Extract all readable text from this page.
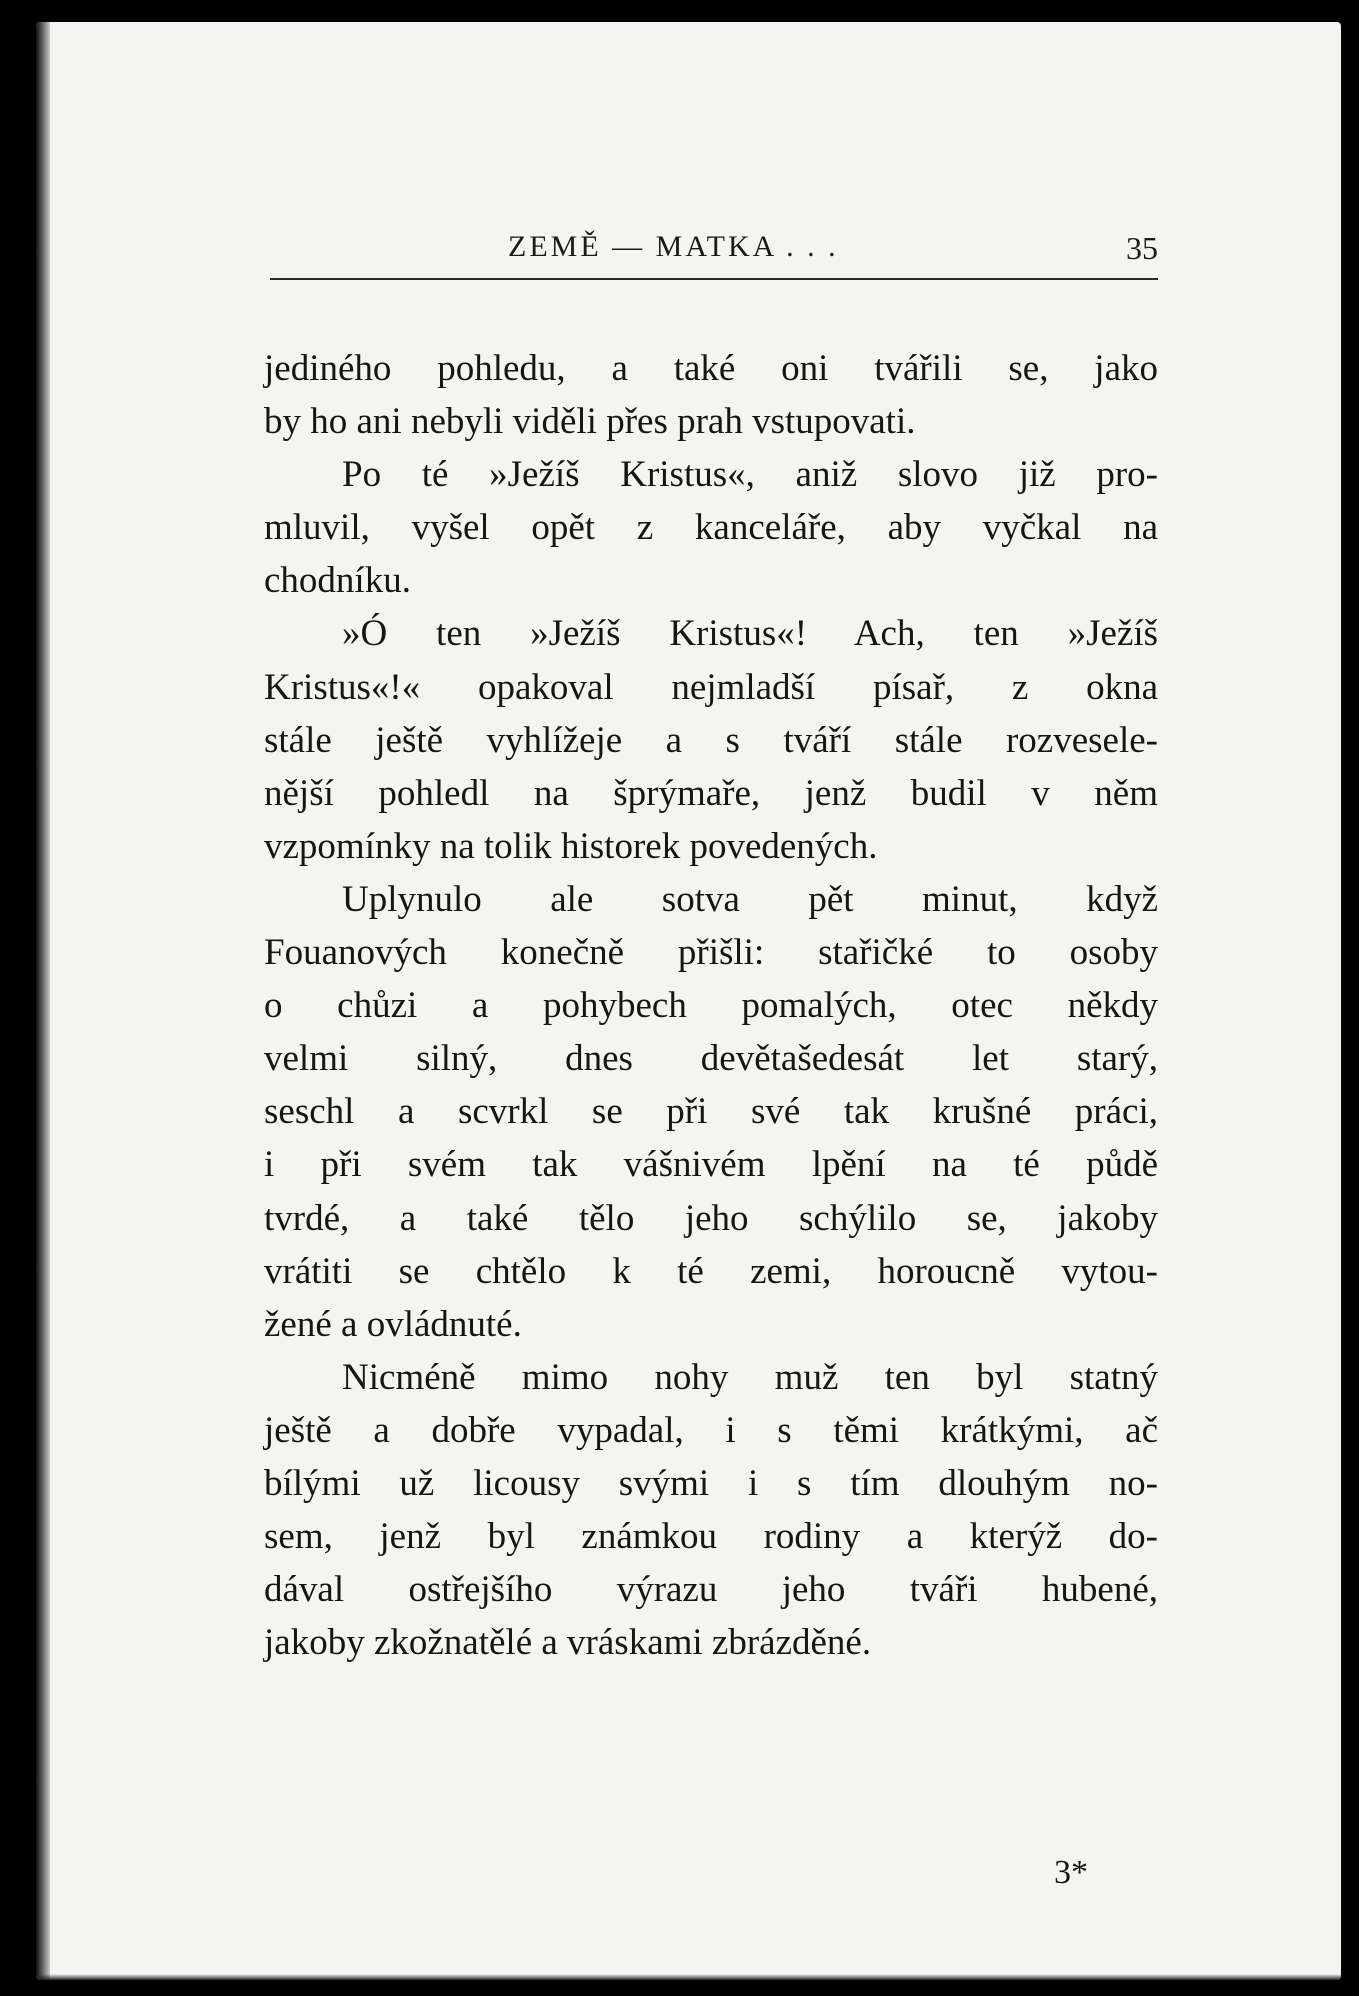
ZEMĚ — MATKA . . .	35
jediného pohledu, a také oni tvářili se, jako
by ho ani nebyli viděli přes prah vstupovati.
Po té »Ježíš Kristus«, aniž slovo již pro-
mluvil, vyšel opět z kanceláře, aby vyčkal na
chodníku.
»Ó ten »Ježíš Kristus«! Ach, ten »Ježíš
Kristus«!« opakoval nejmladší písař, z okna
stále ještě vyhlížeje a s tváří stále rozvesele-
nější pohledl na šprýmaře, jenž budil v něm
vzpomínky na tolik historek povedených.
Uplynulo ale sotva pět minut, když
Fouanových konečně přišli: stařičké to osoby
o chůzi a pohybech pomalých, otec někdy
velmi silný, dnes devětašedesát let starý,
seschl a scvrkl se při své tak krušné práci,
i při svém tak vášnivém lpění na té půdě
tvrdé, a také tělo jeho schýlilo se, jakoby
vrátiti se chtělo k té zemi, horoucně vytou-
žené a ovládnuté.
Nicméně mimo nohy muž ten byl statný
ještě a dobře vypadal, i s těmi krátkými, ač
bílými už licousy svými i s tím dlouhým no-
sem, jenž byl známkou rodiny a kterýž do-
dával ostřejšího výrazu jeho tváři hubené,
jakoby zkožnatělé a vráskami zbrázděné.
3*
